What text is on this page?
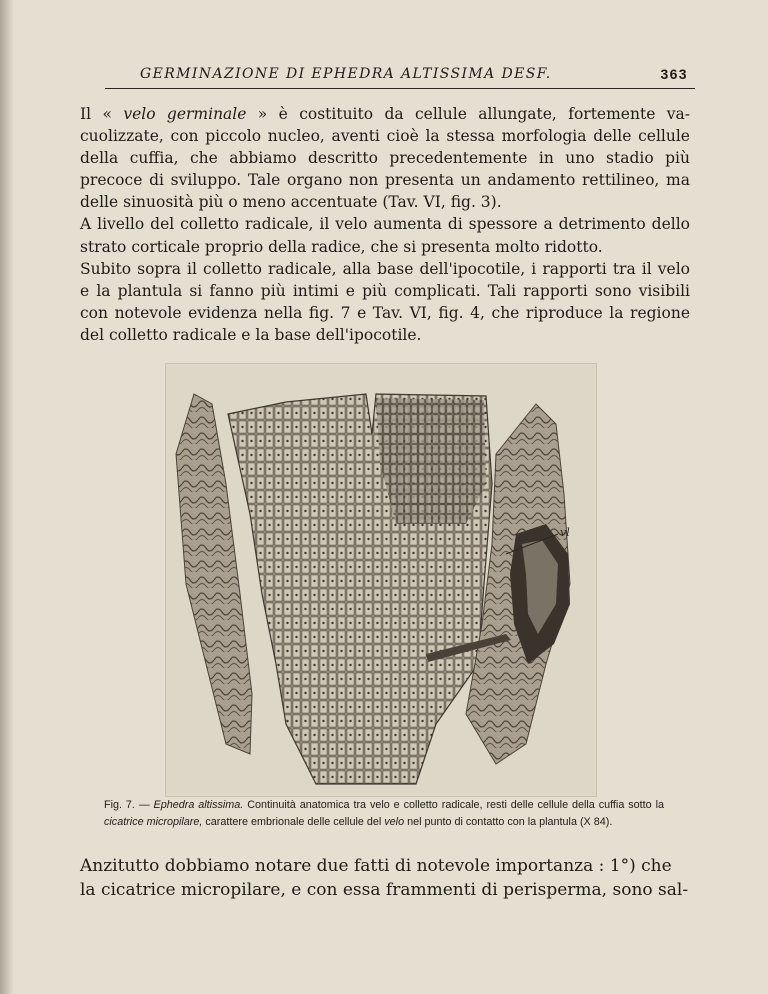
GERMINAZIONE DI EPHEDRA ALTISSIMA DESF.	363

Il « velo germinale » è costituito da cellule allungate, fortemente vacuolizzate, con piccolo nucleo, aventi cioè la stessa morfologia delle cellule della cuffia, che abbiamo descritto precedentemente in uno stadio più precoce di sviluppo. Tale organo non presenta un andamento rettilineo, ma delle sinuosità più o meno accentuate (Tav. VI, fig. 3).

A livello del colletto radicale, il velo aumenta di spessore a detrimento dello strato corticale proprio della radice, che si presenta molto ridotto.

Subito sopra il colletto radicale, alla base dell'ipocotile, i rapporti tra il velo e la plantula si fanno più intimi e più complicati. Tali rapporti sono visibili con notevole evidenza nella fig. 7 e Tav. VI, fig. 4, che riproduce la regione del colletto radicale e la base dell'ipocotile.

vl
Fig. 7. — Ephedra altissima. Continuità anatomica tra velo e colletto radicale, resti delle cellule della cuffia sotto la cicatrice micropilare, carattere embrionale delle cellule del velo nel punto di contatto con la plantula (X 84).
Anzitutto dobbiamo notare due fatti di notevole importanza : 1°) che la cicatrice micropilare, e con essa frammenti di perisperma, sono sal-
